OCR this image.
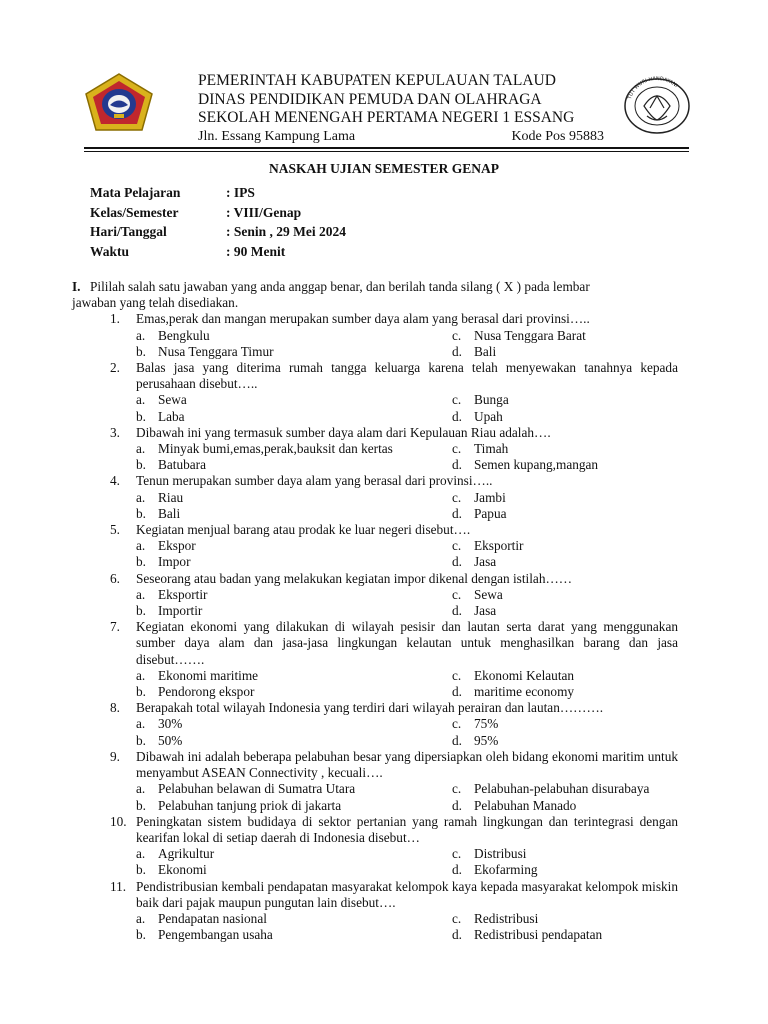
PEMERINTAH KABUPATEN KEPULAUAN TALAUD
DINAS PENDIDIKAN PEMUDA DAN OLAHRAGA
SEKOLAH MENENGAH PERTAMA NEGERI 1 ESSANG
Jln. Essang Kampung Lama	Kode Pos 95883
TUT WURI HANDAYANI
NASKAH UJIAN SEMESTER GENAP
Mata Pelajaran	: IPS
Kelas/Semester	: VIII/Genap
Hari/Tanggal	: Senin , 29 Mei 2024
Waktu	: 90 Menit
I. Pililah salah satu jawaban yang anda anggap benar, dan berilah tanda silang ( X ) pada lembar
jawaban yang telah disediakan.
1.	Emas,perak dan mangan merupakan sumber daya alam yang berasal dari provinsi…..
a. Bengkulu	c. Nusa Tenggara Barat
b. Nusa Tenggara Timur	d. Bali
2.	Balas jasa yang diterima rumah tangga keluarga karena telah menyewakan tanahnya kepada perusahaan disebut…..
a. Sewa	c. Bunga
b. Laba	d. Upah
3.	Dibawah ini yang termasuk sumber daya alam dari Kepulauan Riau adalah….
a. Minyak bumi,emas,perak,bauksit dan kertas	c. Timah
b. Batubara	d. Semen kupang,mangan
4.	Tenun merupakan sumber daya alam yang berasal dari provinsi…..
a. Riau	c. Jambi
b. Bali	d. Papua
5.	Kegiatan menjual barang atau prodak ke luar negeri disebut….
a. Ekspor	c. Eksportir
b. Impor	d. Jasa
6.	Seseorang atau badan yang melakukan kegiatan impor dikenal dengan istilah……
a. Eksportir	c. Sewa
b. Importir	d. Jasa
7.	Kegiatan ekonomi yang dilakukan di wilayah pesisir dan lautan serta darat yang menggunakan sumber daya alam dan jasa-jasa lingkungan kelautan untuk menghasilkan barang dan jasa disebut…….
a. Ekonomi maritime	c. Ekonomi Kelautan
b. Pendorong ekspor	d. maritime economy
8.	Berapakah total wilayah Indonesia yang terdiri dari wilayah perairan dan lautan……….
a. 30%	c. 75%
b. 50%	d. 95%
9.	Dibawah ini adalah beberapa pelabuhan besar yang dipersiapkan oleh bidang ekonomi maritim untuk menyambut ASEAN Connectivity , kecuali….
a. Pelabuhan belawan di Sumatra Utara	c. Pelabuhan-pelabuhan disurabaya
b. Pelabuhan tanjung priok di jakarta	d. Pelabuhan Manado
10. Peningkatan sistem budidaya di sektor pertanian yang ramah lingkungan dan terintegrasi dengan kearifan lokal di setiap daerah di Indonesia disebut…
a. Agrikultur	c. Distribusi
b. Ekonomi	d. Ekofarming
11. Pendistribusian kembali pendapatan masyarakat kelompok kaya kepada masyarakat kelompok miskin baik dari pajak maupun pungutan lain disebut….
a. Pendapatan nasional	c. Redistribusi
b. Pengembangan usaha	d. Redistribusi pendapatan
